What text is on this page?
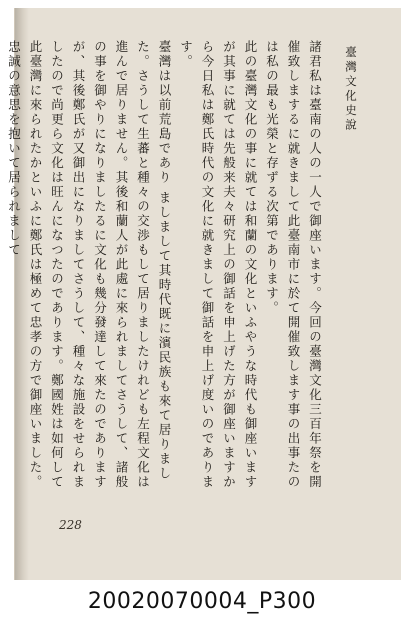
臺灣文化史說

諸君私は臺南の人の一人で御座います。今回の臺灣文化三百年祭を開催致しまするに就きまして此臺南市に於て開催致します事の出事たのは私の最も光榮と存ずる次第であります。

此の臺灣文化の事に就ては和蘭の文化といふやうな時代も御座いますが其事に就ては先般来夫々研究上の御話を申上げた方が御座いますから今日私は鄭氏時代の文化に就きまして御話を申上げ度いのであります。

臺灣は以前荒島であり ましまして其時代既に濱民族も來て居りました。さうして生蕃と種々の交渉もして居りましたけれども左程文化は進んで居りません。其後和蘭人が此處に來られましてさうして、諸般の事を御やりになりましたるに文化も幾分發達して來たのでありますが、其後鄭氏が又御出になりましてさうして、種々な施設をせられましたので尚更ら文化は旺んになつたのであります。鄭國姓は如何して此臺灣に來られたかといふに鄭氏は極めて忠孝の方で御座いました。忠誠の意思を抱いて居られまして

228
20020070004_P300
